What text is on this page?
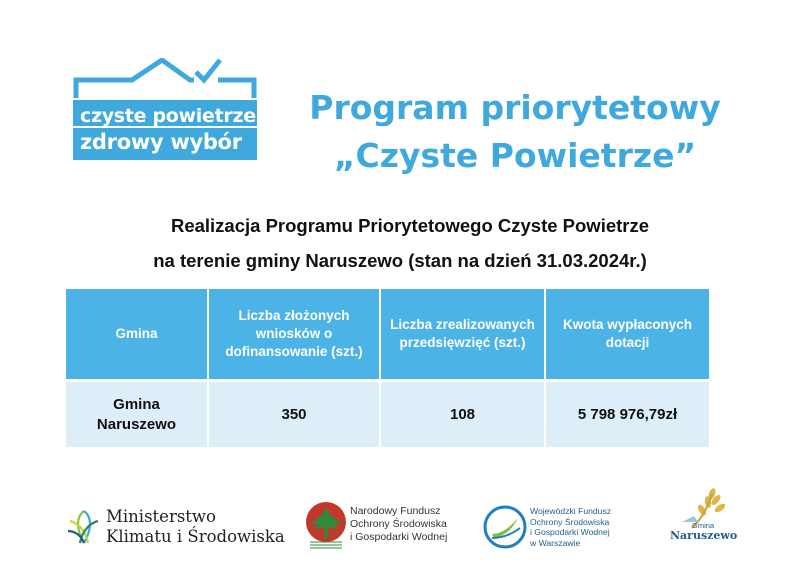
czyste powietrze
zdrowy wybór
Program priorytetowy
„Czyste Powietrze”
Realizacja Programu Priorytetowego Czyste Powietrze
na terenie gminy Naruszewo (stan na dzień 31.03.2024r.)
Gmina	Liczba złożonych wniosków o dofinansowanie (szt.)	Liczba zrealizowanych przedsięwzięć (szt.)	Kwota wypłaconych dotacji
Gmina Naruszewo	350	108	5 798 976,79zł
Ministerstwo
Klimatu i Środowiska
Narodowy Fundusz
Ochrony Środowiska
i Gospodarki Wodnej
Wojewódzki Fundusz
Ochrony Środowiska
i Gospodarki Wodnej
w Warszawie
Gmina
Naruszewo
